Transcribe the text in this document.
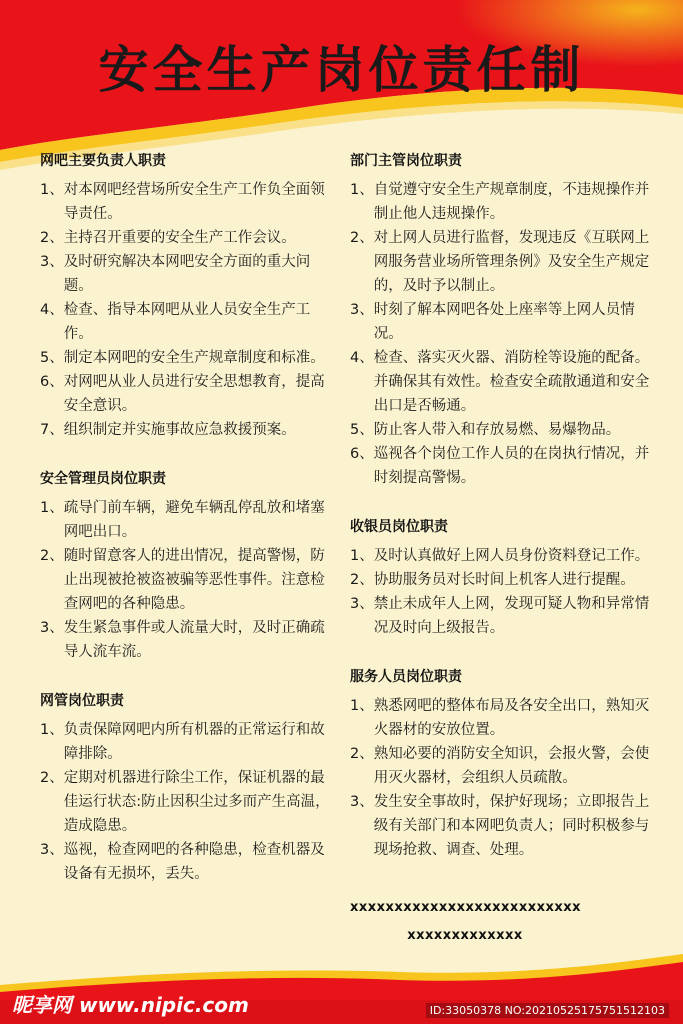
安全生产岗位责任制
网吧主要负责人职责
1、 对本网吧经营场所安全生产工作负全面领导责任。
2、 主持召开重要的安全生产工作会议。
3、 及时研究解决本网吧安全方面的重大问题。
4、 检查、指导本网吧从业人员安全生产工作。
5、 制定本网吧的安全生产规章制度和标准。
6、 对网吧从业人员进行安全思想教育，提高安全意识。
7、 组织制定并实施事故应急救援预案。
安全管理员岗位职责
1、 疏导门前车辆，避免车辆乱停乱放和堵塞网吧出口。
2、 随时留意客人的进出情况，提高警惕，防止出现被抢被盗被骗等恶性事件。注意检查网吧的各种隐患。
3、 发生紧急事件或人流量大时，及时正确疏导人流车流。
网管岗位职责
1、 负责保障网吧内所有机器的正常运行和故障排除。
2、 定期对机器进行除尘工作，保证机器的最佳运行状态:防止因积尘过多而产生高温，造成隐患。
3、 巡视，检查网吧的各种隐患，检查机器及设备有无损坏，丢失。
部门主管岗位职责
1、 自觉遵守安全生产规章制度，不违规操作并制止他人违规操作。
2、 对上网人员进行监督，发现违反《互联网上网服务营业场所管理条例》及安全生产规定的，及时予以制止。
3、 时刻了解本网吧各处上座率等上网人员情况。
4、 检查、落实灭火器、消防栓等设施的配备。并确保其有效性。检查安全疏散通道和安全出口是否畅通。
5、 防止客人带入和存放易燃、易爆物品。
6、 巡视各个岗位工作人员的在岗执行情况，并时刻提高警惕。
收银员岗位职责
1、 及时认真做好上网人员身份资料登记工作。
2、 协助服务员对长时间上机客人进行提醒。
3、 禁止未成年人上网，发现可疑人物和异常情况及时向上级报告。
服务人员岗位职责
1、 熟悉网吧的整体布局及各安全出口，熟知灭火器材的安放位置。
2、 熟知必要的消防安全知识，会报火警，会使用灭火器材，会组织人员疏散。
3、 发生安全事故时，保护好现场；立即报告上级有关部门和本网吧负责人；同时积极参与现场抢救、调查、处理。
xxxxxxxxxxxxxxxxxxxxxxxxxx
xxxxxxxxxxxxx
昵享网 www.nipic.com	ID:33050378 NO:20210525175751512103
